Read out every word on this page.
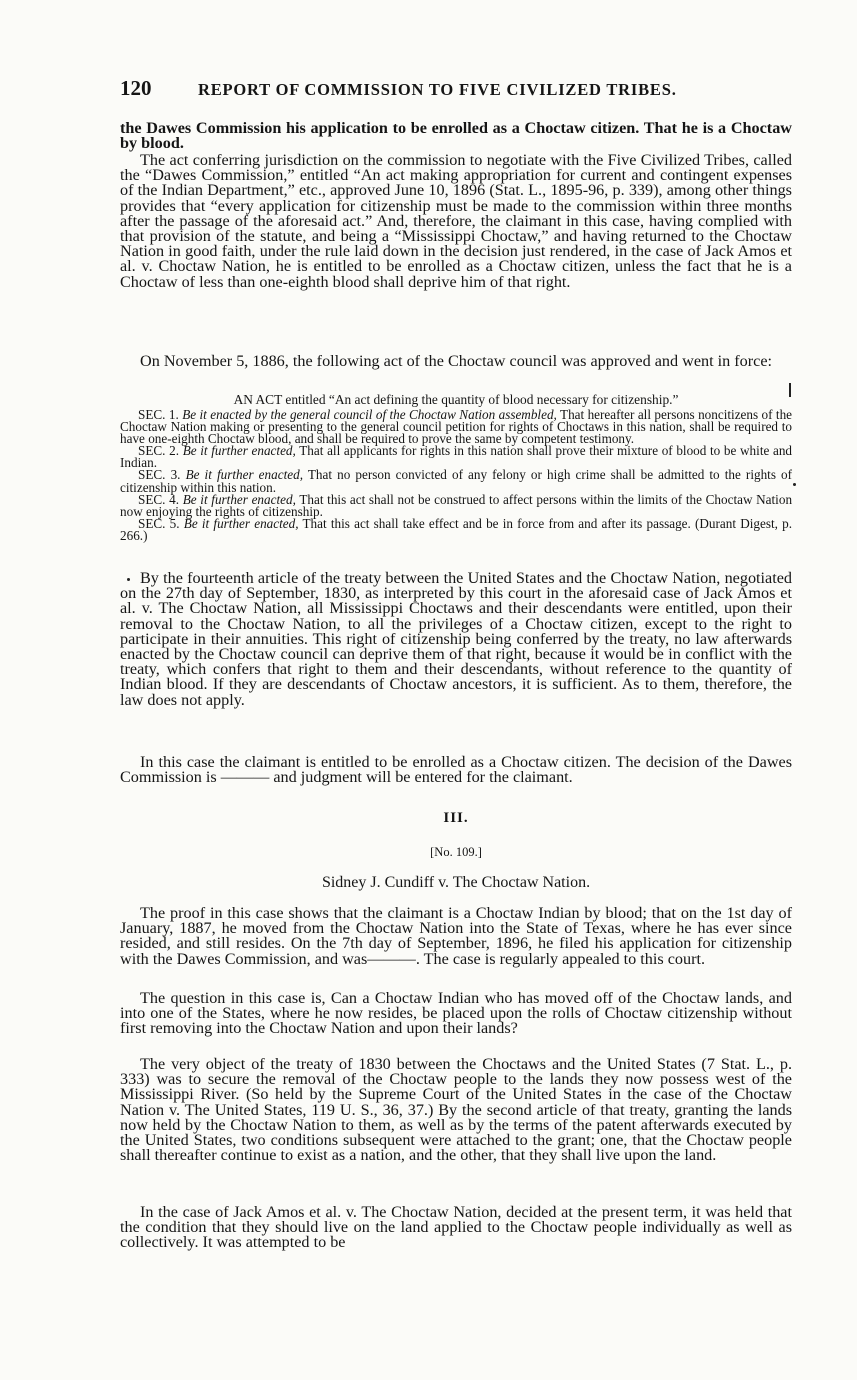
120	REPORT OF COMMISSION TO FIVE CIVILIZED TRIBES.

the Dawes Commission his application to be enrolled as a Choctaw citizen. That he is a Choctaw by blood.

The act conferring jurisdiction on the commission to negotiate with the Five Civilized Tribes, called the “Dawes Commission,” entitled “An act making appropriation for current and contingent expenses of the Indian Department,” etc., approved June 10, 1896 (Stat. L., 1895-96, p. 339), among other things provides that “every application for citizenship must be made to the commission within three months after the passage of the aforesaid act.” And, therefore, the claimant in this case, having complied with that provision of the statute, and being a “Mississippi Choctaw,” and having returned to the Choctaw Nation in good faith, under the rule laid down in the decision just rendered, in the case of Jack Amos et al. v. Choctaw Nation, he is entitled to be enrolled as a Choctaw citizen, unless the fact that he is a Choctaw of less than one-eighth blood shall deprive him of that right.

On November 5, 1886, the following act of the Choctaw council was approved and went in force:

AN ACT entitled “An act defining the quantity of blood necessary for citizenship.”

SEC. 1. Be it enacted by the general council of the Choctaw Nation assembled, That hereafter all persons noncitizens of the Choctaw Nation making or presenting to the general council petition for rights of Choctaws in this nation, shall be required to have one-eighth Choctaw blood, and shall be required to prove the same by competent testimony.

SEC. 2. Be it further enacted, That all applicants for rights in this nation shall prove their mixture of blood to be white and Indian.

SEC. 3. Be it further enacted, That no person convicted of any felony or high crime shall be admitted to the rights of citizenship within this nation.

SEC. 4. Be it further enacted, That this act shall not be construed to affect persons within the limits of the Choctaw Nation now enjoying the rights of citizenship.

SEC. 5. Be it further enacted, That this act shall take effect and be in force from and after its passage. (Durant Digest, p. 266.)

By the fourteenth article of the treaty between the United States and the Choctaw Nation, negotiated on the 27th day of September, 1830, as interpreted by this court in the aforesaid case of Jack Amos et al. v. The Choctaw Nation, all Mississippi Choctaws and their descendants were entitled, upon their removal to the Choctaw Nation, to all the privileges of a Choctaw citizen, except to the right to participate in their annuities. This right of citizenship being conferred by the treaty, no law afterwards enacted by the Choctaw council can deprive them of that right, because it would be in conflict with the treaty, which confers that right to them and their descendants, without reference to the quantity of Indian blood. If they are descendants of Choctaw ancestors, it is sufficient. As to them, therefore, the law does not apply.

In this case the claimant is entitled to be enrolled as a Choctaw citizen. The decision of the Dawes Commission is ——— and judgment will be entered for the claimant.

III.
[No. 109.]
Sidney J. Cundiff v. The Choctaw Nation.

The proof in this case shows that the claimant is a Choctaw Indian by blood; that on the 1st day of January, 1887, he moved from the Choctaw Nation into the State of Texas, where he has ever since resided, and still resides. On the 7th day of September, 1896, he filed his application for citizenship with the Dawes Commission, and was———. The case is regularly appealed to this court.

The question in this case is, Can a Choctaw Indian who has moved off of the Choctaw lands, and into one of the States, where he now resides, be placed upon the rolls of Choctaw citizenship without first removing into the Choctaw Nation and upon their lands?

The very object of the treaty of 1830 between the Choctaws and the United States (7 Stat. L., p. 333) was to secure the removal of the Choctaw people to the lands they now possess west of the Mississippi River. (So held by the Supreme Court of the United States in the case of the Choctaw Nation v. The United States, 119 U. S., 36, 37.) By the second article of that treaty, granting the lands now held by the Choctaw Nation to them, as well as by the terms of the patent afterwards executed by the United States, two conditions subsequent were attached to the grant; one, that the Choctaw people shall thereafter continue to exist as a nation, and the other, that they shall live upon the land.

In the case of Jack Amos et al. v. The Choctaw Nation, decided at the present term, it was held that the condition that they should live on the land applied to the Choctaw people individually as well as collectively. It was attempted to be
